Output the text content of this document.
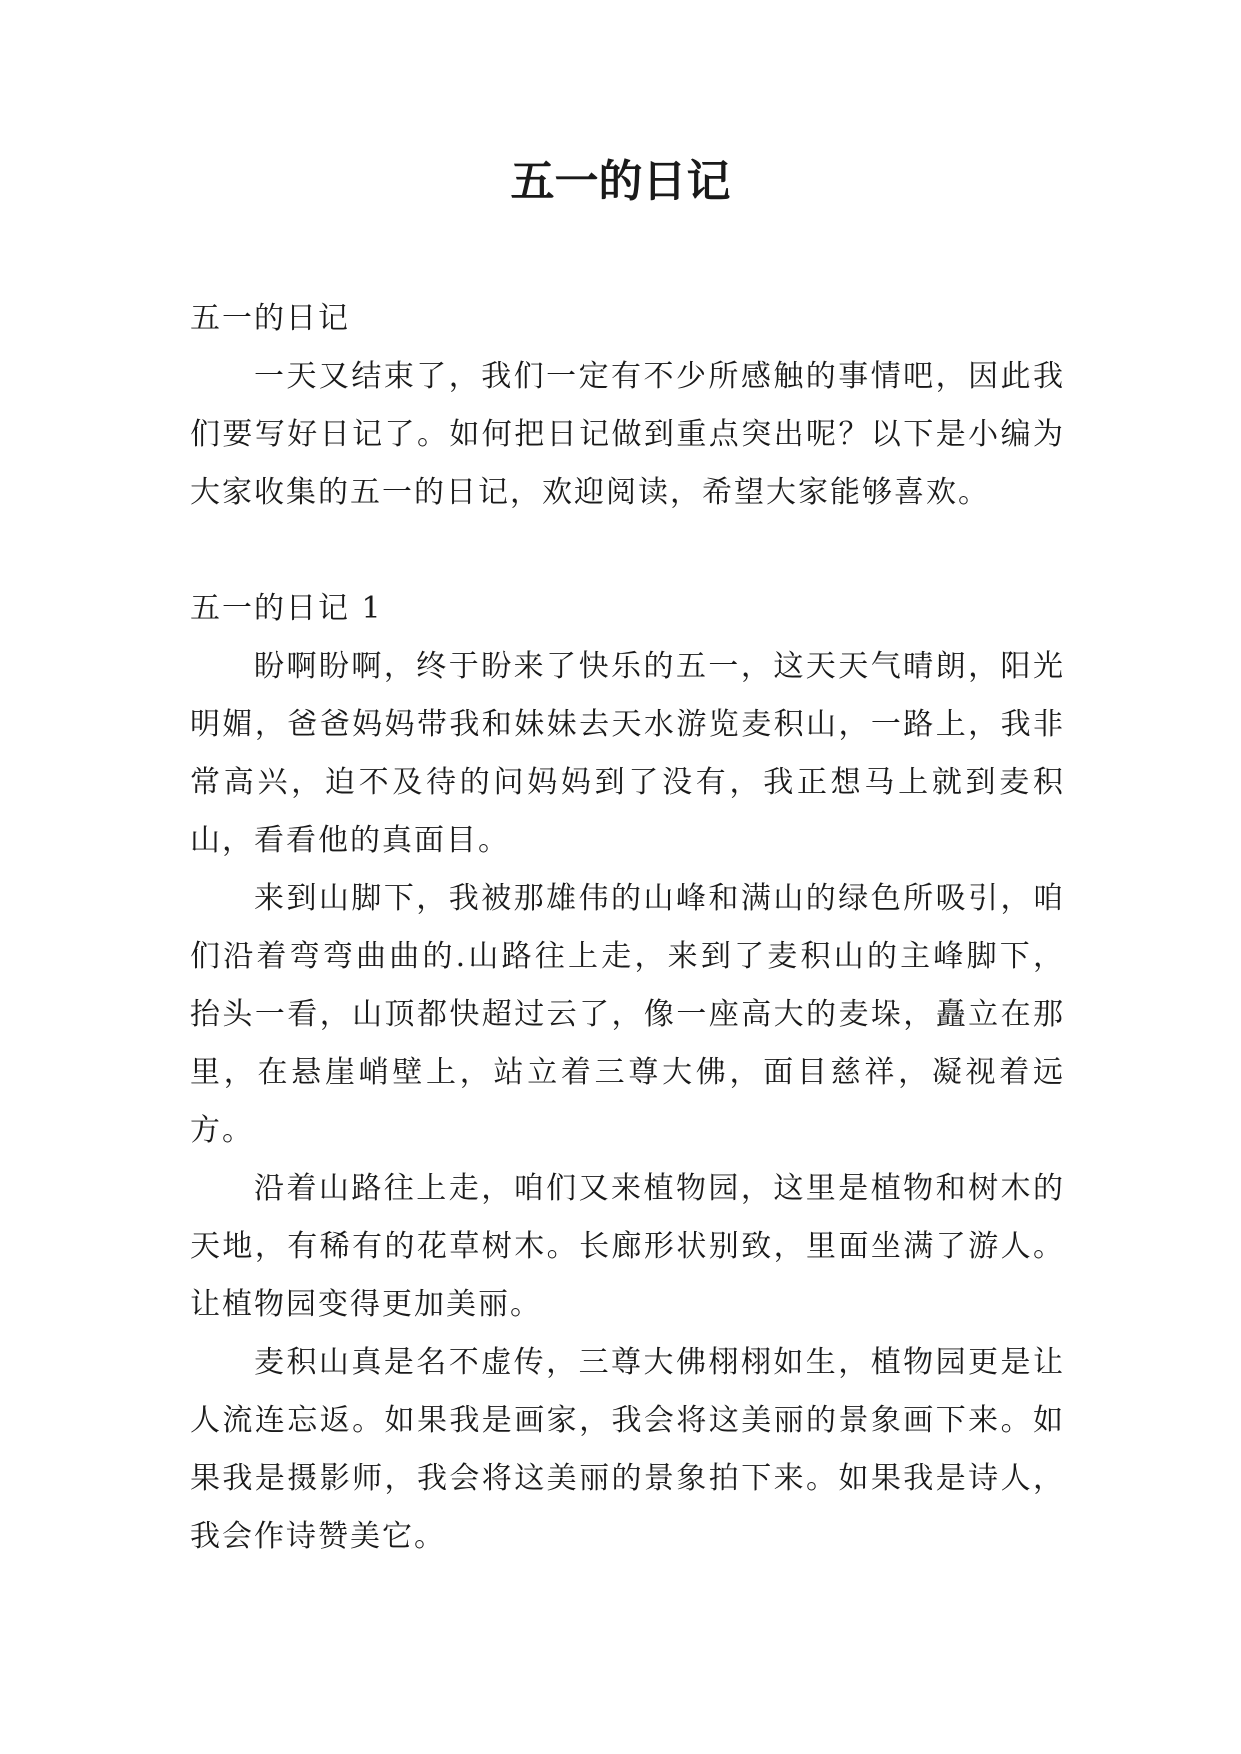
五一的日记

五一的日记

一天又结束了，我们一定有不少所感触的事情吧，因此我们要写好日记了。如何把日记做到重点突出呢？以下是小编为大家收集的五一的日记，欢迎阅读，希望大家能够喜欢。

五一的日记 1

盼啊盼啊，终于盼来了快乐的五一，这天天气晴朗，阳光明媚，爸爸妈妈带我和妹妹去天水游览麦积山，一路上，我非常高兴，迫不及待的问妈妈到了没有，我正想马上就到麦积山，看看他的真面目。

来到山脚下，我被那雄伟的山峰和满山的绿色所吸引，咱们沿着弯弯曲曲的.山路往上走，来到了麦积山的主峰脚下，抬头一看，山顶都快超过云了，像一座高大的麦垛，矗立在那里，在悬崖峭壁上，站立着三尊大佛，面目慈祥，凝视着远方。

沿着山路往上走，咱们又来植物园，这里是植物和树木的天地，有稀有的花草树木。长廊形状别致，里面坐满了游人。让植物园变得更加美丽。

麦积山真是名不虚传，三尊大佛栩栩如生，植物园更是让人流连忘返。如果我是画家，我会将这美丽的景象画下来。如果我是摄影师，我会将这美丽的景象拍下来。如果我是诗人，我会作诗赞美它。
